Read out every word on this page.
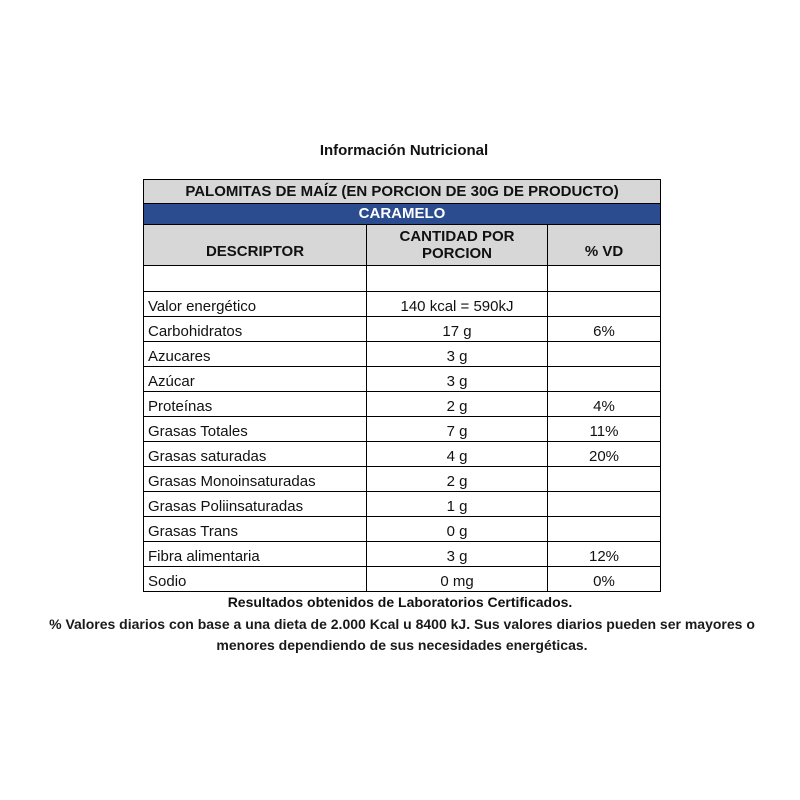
Información Nutricional
PALOMITAS DE MAÍZ (EN PORCION DE 30G DE PRODUCTO)		
CARAMELO		
DESCRIPTOR	CANTIDAD POR PORCION	% VD

Valor energético	140 kcal = 590kJ	
Carbohidratos	17 g	6%
Azucares	3 g	
Azúcar	3 g	
Proteínas	2 g	4%
Grasas Totales	7 g	11%
Grasas saturadas	4 g	20%
Grasas Monoinsaturadas	2 g	
Grasas Poliinsaturadas	1 g	
Grasas Trans	0 g	
Fibra alimentaria	3 g	12%
Sodio	0 mg	0%
Resultados obtenidos de Laboratorios Certificados.
% Valores diarios con base a una dieta de 2.000 Kcal u 8400 kJ. Sus valores diarios pueden ser mayores o menores dependiendo de sus necesidades energéticas.
